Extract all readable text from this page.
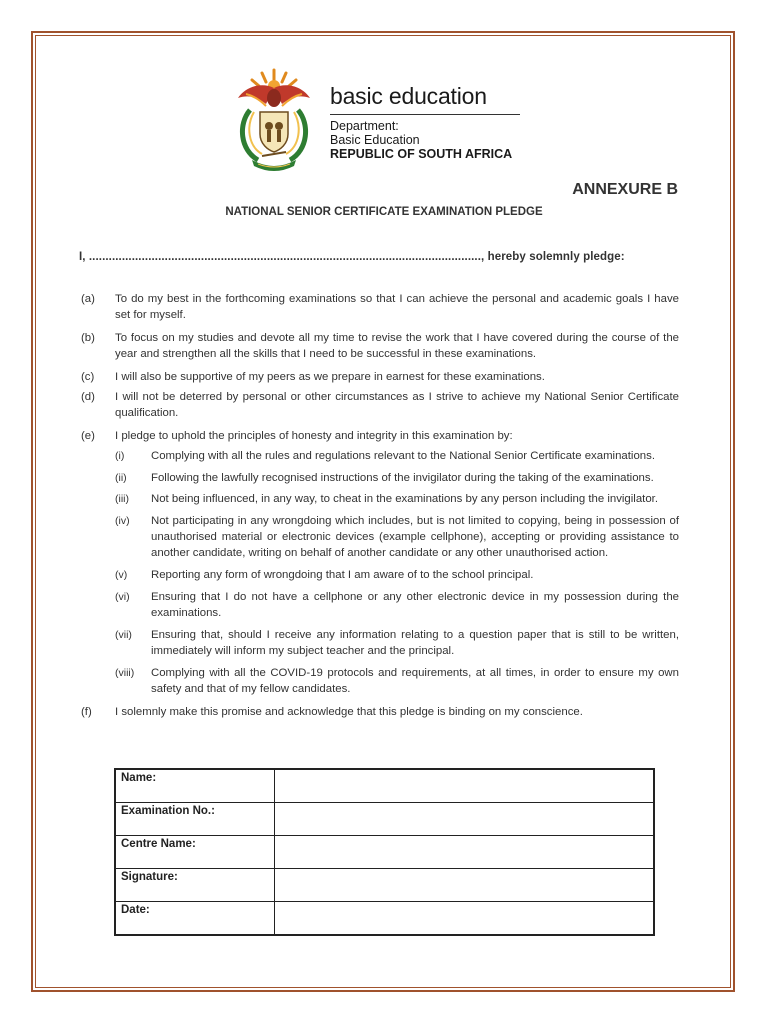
basic education
Department:
Basic Education
REPUBLIC OF SOUTH AFRICA
ANNEXURE B
NATIONAL SENIOR CERTIFICATE EXAMINATION PLEDGE
I, ......................................................................................................................., hereby solemnly pledge:
(a) To do my best in the forthcoming examinations so that I can achieve the personal and academic goals I have set for myself.
(b) To focus on my studies and devote all my time to revise the work that I have covered during the course of the year and strengthen all the skills that I need to be successful in these examinations.
(c) I will also be supportive of my peers as we prepare in earnest for these examinations.
(d) I will not be deterred by personal or other circumstances as I strive to achieve my National Senior Certificate qualification.
(e) I pledge to uphold the principles of honesty and integrity in this examination by:
(i) Complying with all the rules and regulations relevant to the National Senior Certificate examinations.
(ii) Following the lawfully recognised instructions of the invigilator during the taking of the examinations.
(iii) Not being influenced, in any way, to cheat in the examinations by any person including the invigilator.
(iv) Not participating in any wrongdoing which includes, but is not limited to copying, being in possession of unauthorised material or electronic devices (example cellphone), accepting or providing assistance to another candidate, writing on behalf of another candidate or any other unauthorised action.
(v) Reporting any form of wrongdoing that I am aware of to the school principal.
(vi) Ensuring that I do not have a cellphone or any other electronic device in my possession during the examinations.
(vii) Ensuring that, should I receive any information relating to a question paper that is still to be written, immediately will inform my subject teacher and the principal.
(viii) Complying with all the COVID-19 protocols and requirements, at all times, in order to ensure my own safety and that of my fellow candidates.
(f) I solemnly make this promise and acknowledge that this pledge is binding on my conscience.
Name:	
Examination No.:	
Centre Name:	
Signature:	
Date:	
